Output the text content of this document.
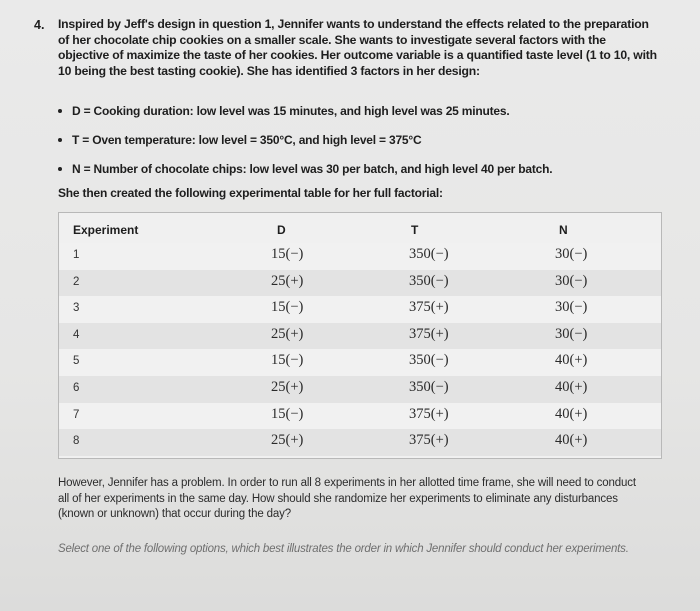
4. Inspired by Jeff's design in question 1, Jennifer wants to understand the effects related to the preparation of her chocolate chip cookies on a smaller scale. She wants to investigate several factors with the objective of maximize the taste of her cookies. Her outcome variable is a quantified taste level (1 to 10, with 10 being the best tasting cookie). She has identified 3 factors in her design:
D = Cooking duration: low level was 15 minutes, and high level was 25 minutes.
T = Oven temperature: low level = 350°C, and high level = 375°C
N = Number of chocolate chips: low level was 30 per batch, and high level 40 per batch.
She then created the following experimental table for her full factorial:
Experiment	D	T	N
1	15(−)	350(−)	30(−)
2	25(+)	350(−)	30(−)
3	15(−)	375(+)	30(−)
4	25(+)	375(+)	30(−)
5	15(−)	350(−)	40(+)
6	25(+)	350(−)	40(+)
7	15(−)	375(+)	40(+)
8	25(+)	375(+)	40(+)
However, Jennifer has a problem. In order to run all 8 experiments in her allotted time frame, she will need to conduct all of her experiments in the same day. How should she randomize her experiments to eliminate any disturbances (known or unknown) that occur during the day?
Select one of the following options, which best illustrates the order in which Jennifer should conduct her experiments.
